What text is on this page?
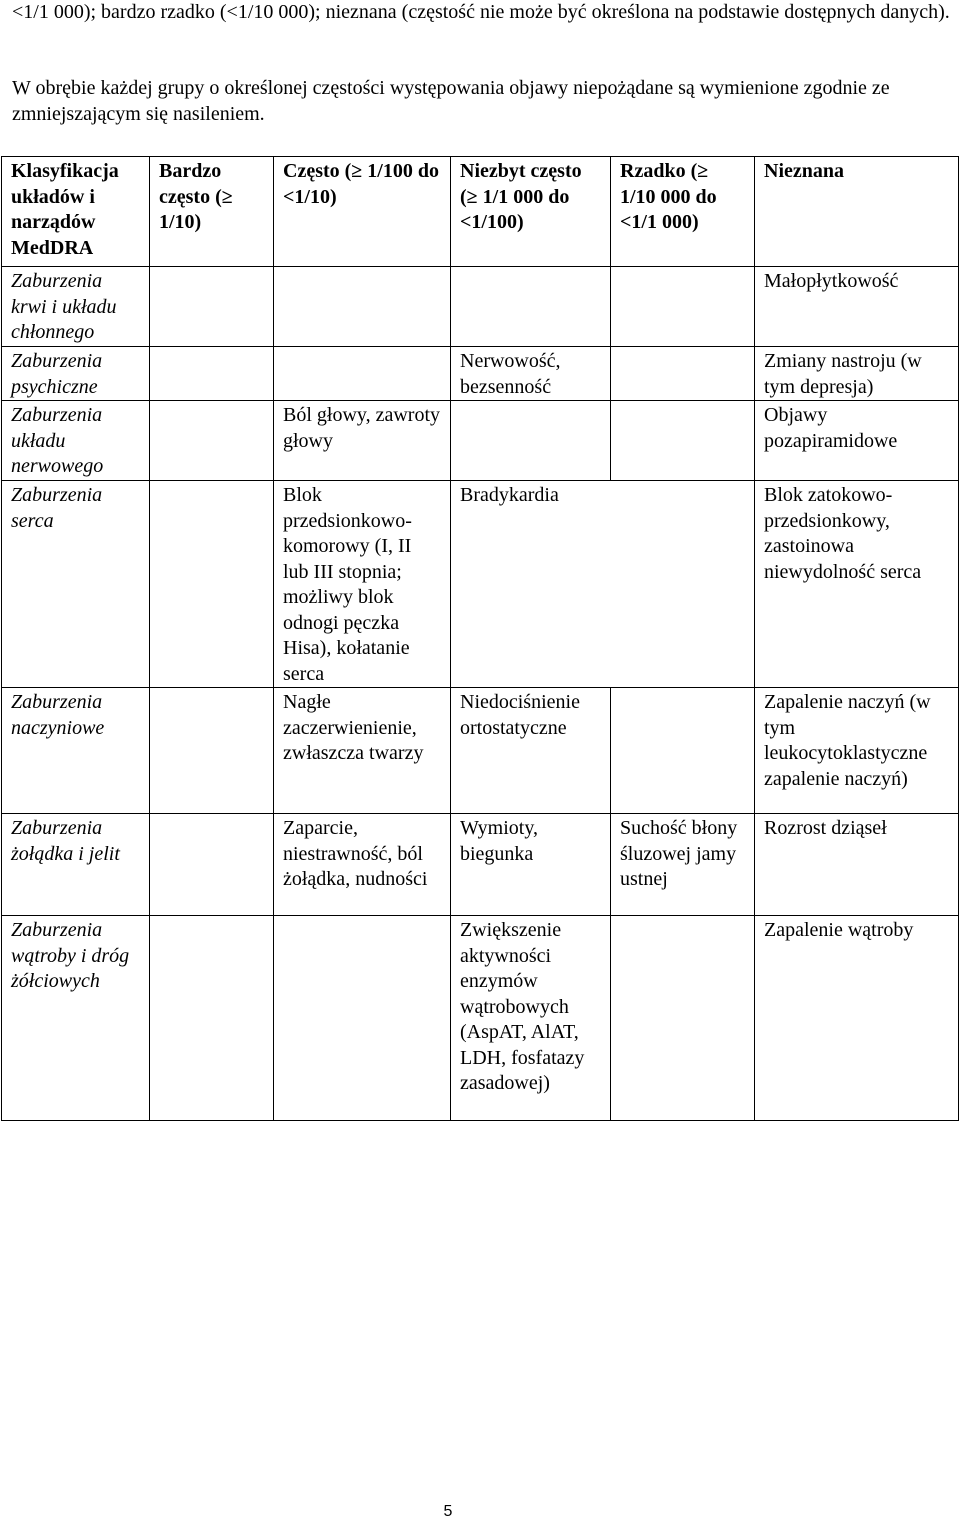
<1/1 000); bardzo rzadko (<1/10 000); nieznana (częstość nie może być określona na podstawie dostępnych danych).

W obrębie każdej grupy o określonej częstości występowania objawy niepożądane są wymienione zgodnie ze zmniejszającym się nasileniem.

Klasyfikacja układów i narządów MedDRA	Bardzo często (≥ 1/10)	Często (≥ 1/100 do <1/10)	Niezbyt często (≥ 1/1 000 do <1/100)	Rzadko (≥ 1/10 000 do <1/1 000)	Nieznana
Zaburzenia krwi i układu chłonnego					Małopłytkowość
Zaburzenia psychiczne			Nerwowość, bezsenność		Zmiany nastroju (w tym depresja)
Zaburzenia układu nerwowego		Ból głowy, zawroty głowy			Objawy pozapiramidowe
Zaburzenia serca		Blok przedsionkowo-komorowy (I, II lub III stopnia; możliwy blok odnogi pęczka Hisa), kołatanie serca	Bradykardia		Blok zatokowo-przedsionkowy, zastoinowa niewydolność serca
Zaburzenia naczyniowe		Nagłe zaczerwienienie, zwłaszcza twarzy	Niedociśnienie ortostatyczne		Zapalenie naczyń (w tym leukocytoklastyczne zapalenie naczyń)
Zaburzenia żołądka i jelit		Zaparcie, niestrawność, ból żołądka, nudności	Wymioty, biegunka	Suchość błony śluzowej jamy ustnej	Rozrost dziąseł
Zaburzenia wątroby i dróg żółciowych			Zwiększenie aktywności enzymów wątrobowych (AspAT, AlAT, LDH, fosfatazy zasadowej)		Zapalenie wątroby
5
